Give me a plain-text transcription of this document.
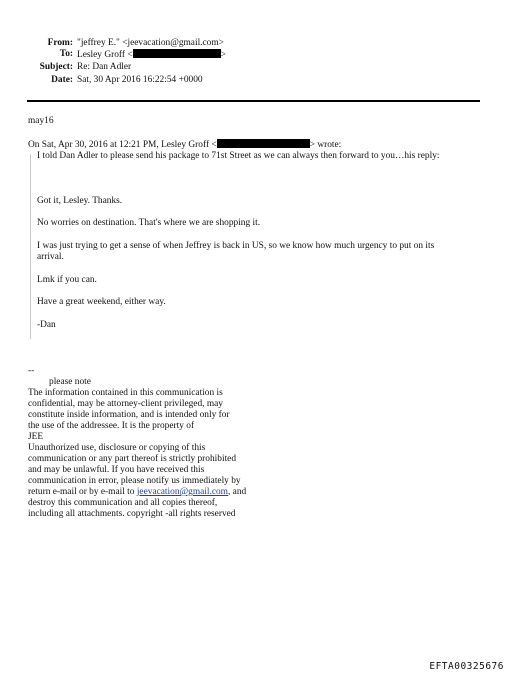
From: "jeffrey E." <jeevacation@gmail.com>
To: Lesley Groff <	>
Subject: Re: Dan Adler
Date: Sat, 30 Apr 2016 16:22:54 +0000
may16
On Sat, Apr 30, 2016 at 12:21 PM, Lesley Groff <	> wrote:
I told Dan Adler to please send his package to 71st Street as we can always then forward to you…his reply:
Got it, Lesley. Thanks.
No worries on destination. That's where we are shopping it.
I was just trying to get a sense of when Jeffrey is back in US, so we know how much urgency to put on its
arrival.
Lmk if you can.
Have a great weekend, either way.
-Dan
--
please note
The information contained in this communication is
confidential, may be attorney-client privileged, may
constitute inside information, and is intended only for
the use of the addressee. It is the property of
JEE
Unauthorized use, disclosure or copying of this
communication or any part thereof is strictly prohibited
and may be unlawful. If you have received this
communication in error, please notify us immediately by
return e-mail or by e-mail to jeevacation@gmail.com, and
destroy this communication and all copies thereof,
including all attachments. copyright -all rights reserved
EFTA00325676
